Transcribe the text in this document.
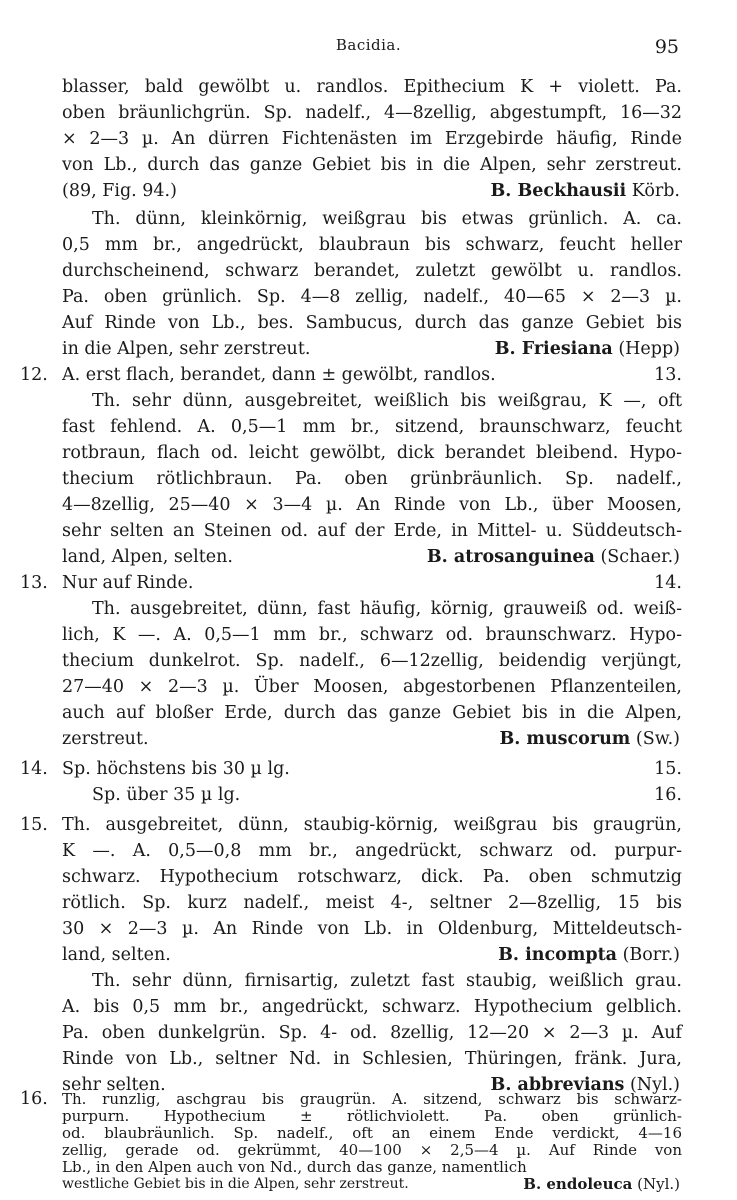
Bacidia.	95
blasser, bald gewölbt u. randlos. Epithecium K + violett. Pa.
oben bräunlichgrün. Sp. nadelf., 4—8zellig, abgestumpft, 16—32
× 2—3 µ. An dürren Fichtenästen im Erzgebirde häufig, Rinde
von Lb., durch das ganze Gebiet bis in die Alpen, sehr zerstreut.
(89, Fig. 94.)	B. Beckhausii Körb.
Th. dünn, kleinkörnig, weißgrau bis etwas grünlich. A. ca.
0,5 mm br., angedrückt, blaubraun bis schwarz, feucht heller
durchscheinend, schwarz berandet, zuletzt gewölbt u. randlos.
Pa. oben grünlich. Sp. 4—8 zellig, nadelf., 40—65 × 2—3 µ.
Auf Rinde von Lb., bes. Sambucus, durch das ganze Gebiet bis
in die Alpen, sehr zerstreut.	B. Friesiana (Hepp)
12. A. erst flach, berandet, dann ± gewölbt, randlos.	13.
Th. sehr dünn, ausgebreitet, weißlich bis weißgrau, K —, oft
fast fehlend. A. 0,5—1 mm br., sitzend, braunschwarz, feucht
rotbraun, flach od. leicht gewölbt, dick berandet bleibend. Hypo-
thecium rötlichbraun. Pa. oben grünbräunlich. Sp. nadelf.,
4—8zellig, 25—40 × 3—4 µ. An Rinde von Lb., über Moosen,
sehr selten an Steinen od. auf der Erde, in Mittel- u. Süddeutsch-
land, Alpen, selten.	B. atrosanguinea (Schaer.)
13. Nur auf Rinde.	14.
Th. ausgebreitet, dünn, fast häufig, körnig, grauweiß od. weiß-
lich, K —. A. 0,5—1 mm br., schwarz od. braunschwarz. Hypo-
thecium dunkelrot. Sp. nadelf., 6—12zellig, beidendig verjüngt,
27—40 × 2—3 µ. Über Moosen, abgestorbenen Pflanzenteilen,
auch auf bloßer Erde, durch das ganze Gebiet bis in die Alpen,
zerstreut.	B. muscorum (Sw.)
14. Sp. höchstens bis 30 µ lg.	15.
Sp. über 35 µ lg.	16.
15. Th. ausgebreitet, dünn, staubig-körnig, weißgrau bis graugrün,
K —. A. 0,5—0,8 mm br., angedrückt, schwarz od. purpur-
schwarz. Hypothecium rotschwarz, dick. Pa. oben schmutzig
rötlich. Sp. kurz nadelf., meist 4-, seltner 2—8zellig, 15 bis
30 × 2—3 µ. An Rinde von Lb. in Oldenburg, Mitteldeutsch-
land, selten.	B. incompta (Borr.)
Th. sehr dünn, firnisartig, zuletzt fast staubig, weißlich grau.
A. bis 0,5 mm br., angedrückt, schwarz. Hypothecium gelblich.
Pa. oben dunkelgrün. Sp. 4- od. 8zellig, 12—20 × 2—3 µ. Auf
Rinde von Lb., seltner Nd. in Schlesien, Thüringen, fränk. Jura,
sehr selten.	B. abbrevians (Nyl.)
16. Th. runzlig, aschgrau bis graugrün. A. sitzend, schwarz bis schwarz-
purpurn. Hypothecium ± rötlichviolett. Pa. oben grünlich-
od. blaubräunlich. Sp. nadelf., oft an einem Ende verdickt, 4—16
zellig, gerade od. gekrümmt, 40—100 × 2,5—4 µ. Auf Rinde von
Lb., in den Alpen auch von Nd., durch das ganze, namentlich
westliche Gebiet bis in die Alpen, sehr zerstreut.	B. endoleuca (Nyl.)
